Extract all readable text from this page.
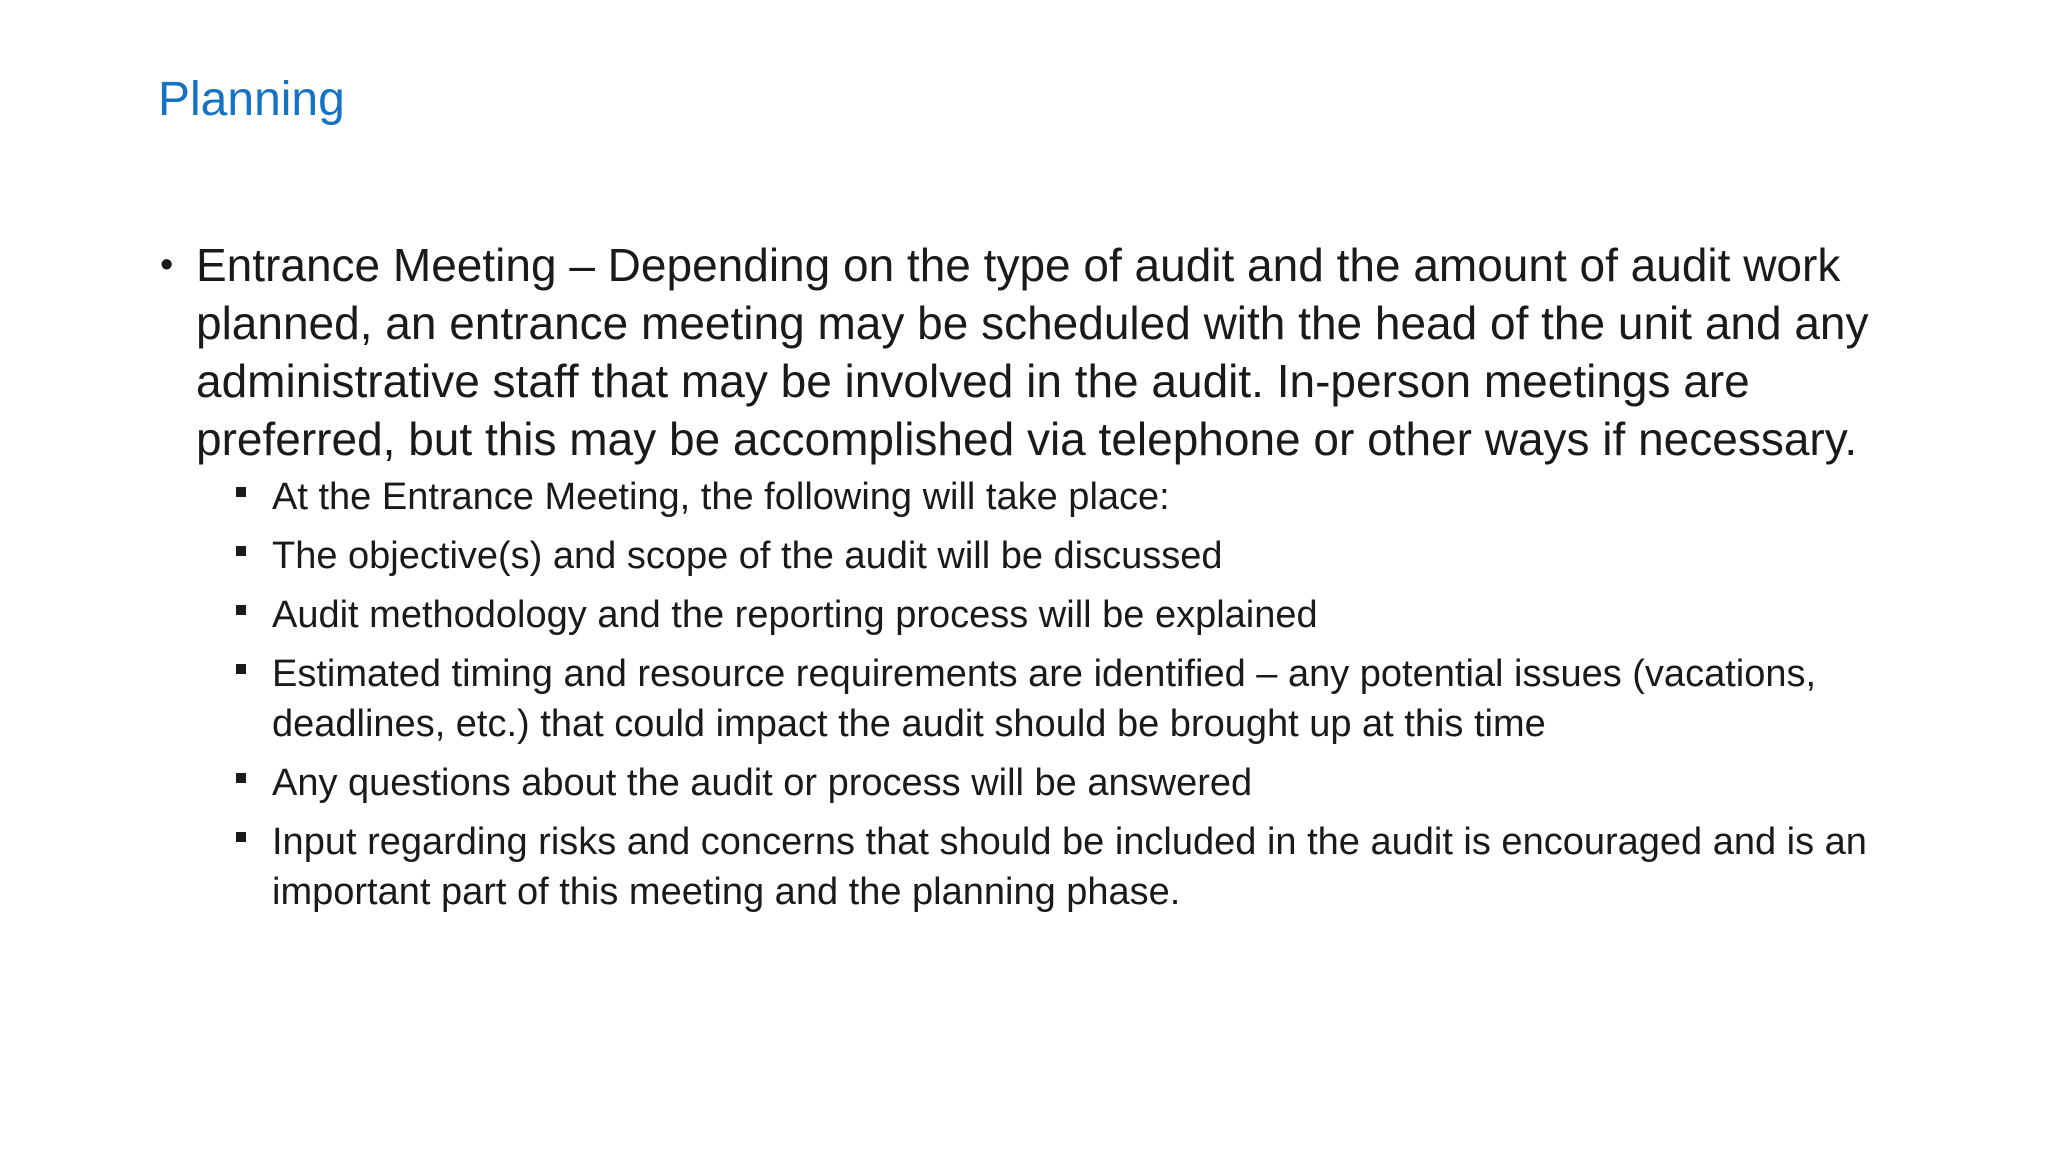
Planning
• Entrance Meeting – Depending on the type of audit and the amount of audit work planned, an entrance meeting may be scheduled with the head of the unit and any administrative staff that may be involved in the audit. In-person meetings are preferred, but this may be accomplished via telephone or other ways if necessary.
At the Entrance Meeting, the following will take place:
The objective(s) and scope of the audit will be discussed
Audit methodology and the reporting process will be explained
Estimated timing and resource requirements are identified – any potential issues (vacations, deadlines, etc.) that could impact the audit should be brought up at this time
Any questions about the audit or process will be answered
Input regarding risks and concerns that should be included in the audit is encouraged and is an important part of this meeting and the planning phase.
